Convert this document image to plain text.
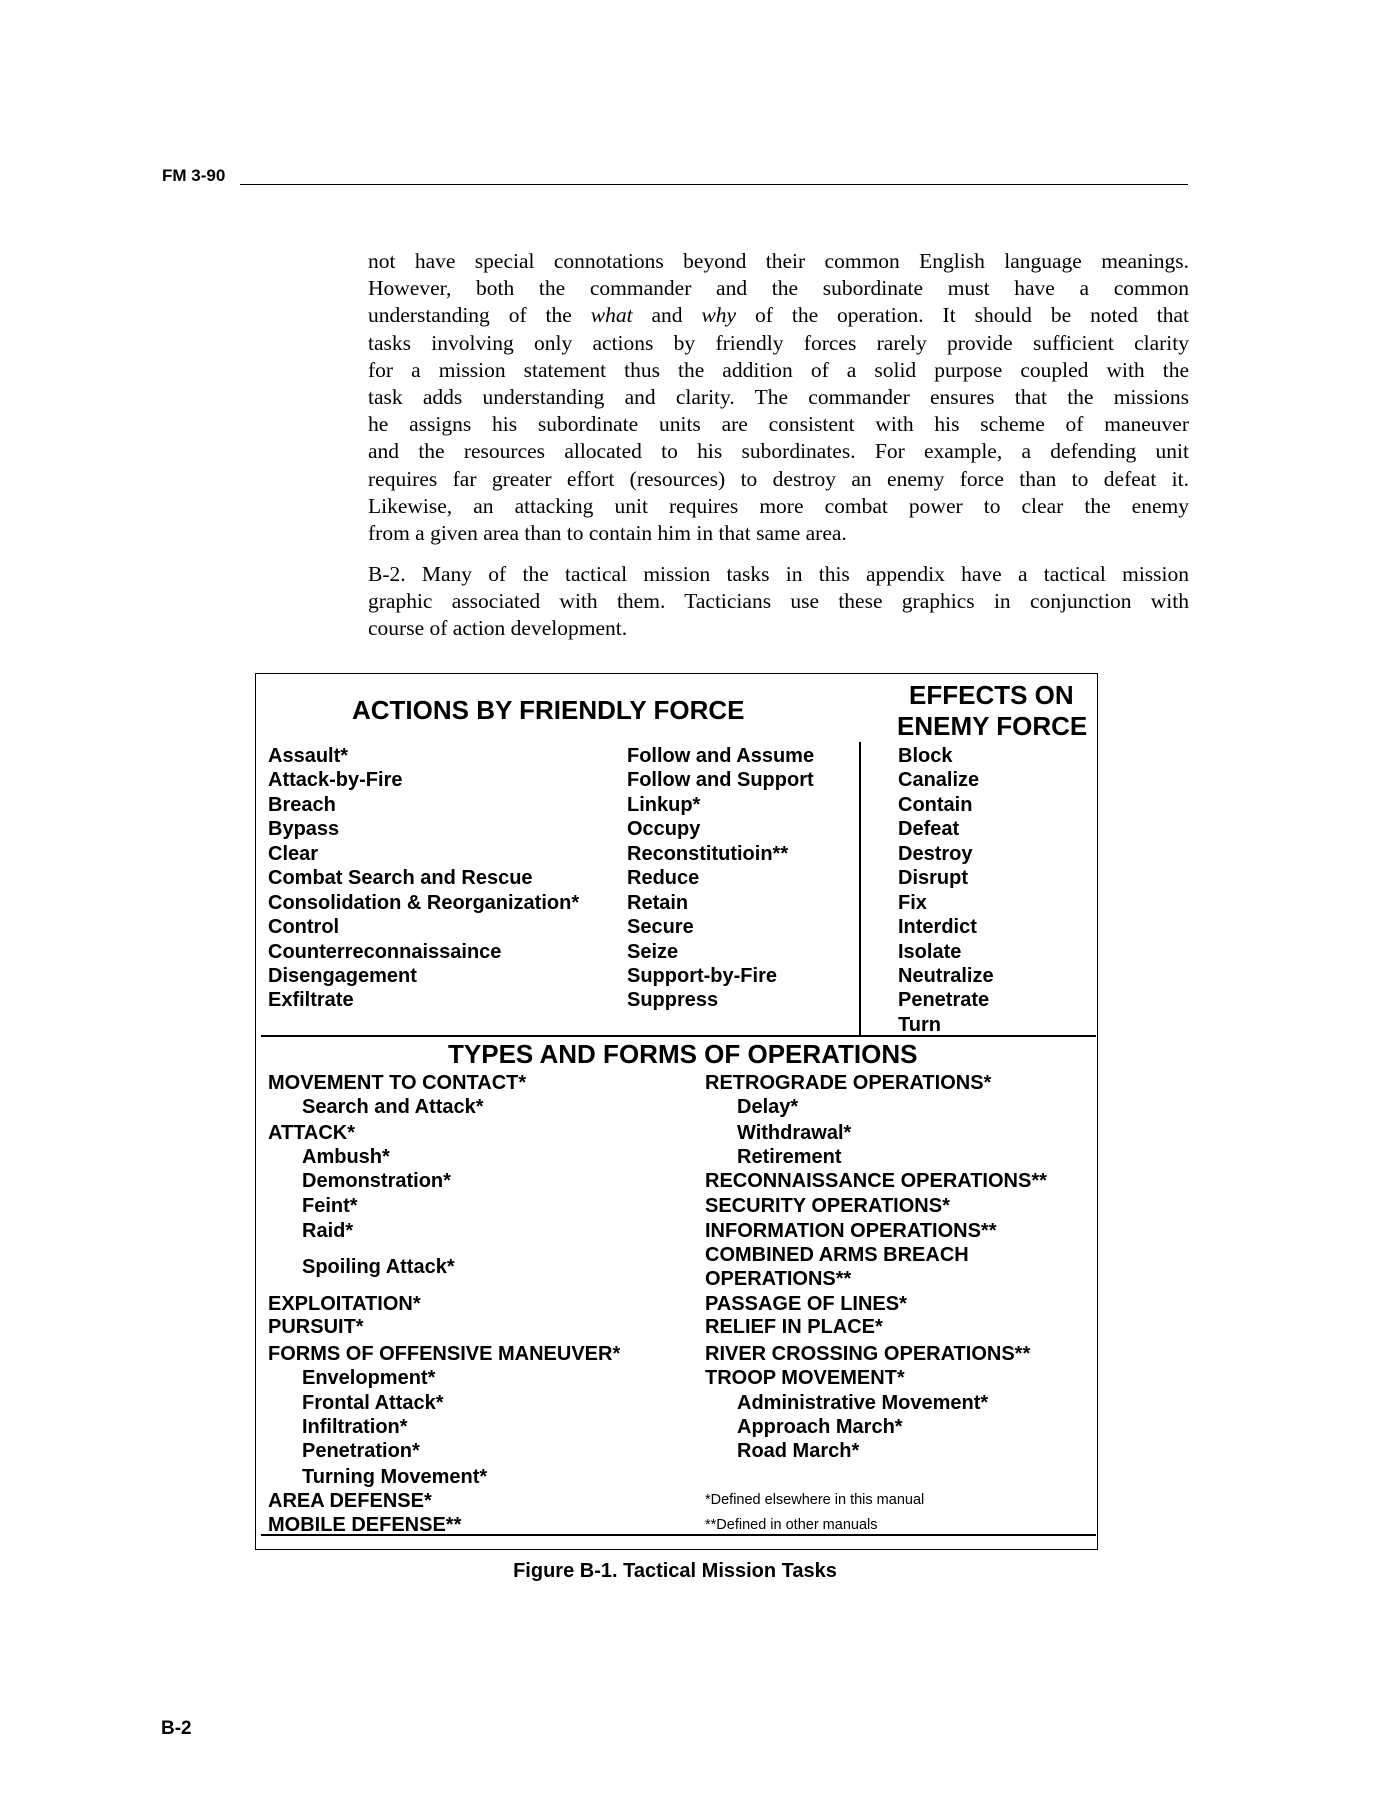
FM 3-90
not have special connotations beyond their common English language meanings.
However, both the commander and the subordinate must have a common
understanding of the what and why of the operation. It should be noted that
tasks involving only actions by friendly forces rarely provide sufficient clarity
for a mission statement thus the addition of a solid purpose coupled with the
task adds understanding and clarity. The commander ensures that the missions
he assigns his subordinate units are consistent with his scheme of maneuver
and the resources allocated to his subordinates. For example, a defending unit
requires far greater effort (resources) to destroy an enemy force than to defeat it.
Likewise, an attacking unit requires more combat power to clear the enemy
from a given area than to contain him in that same area.
B-2. Many of the tactical mission tasks in this appendix have a tactical mission
graphic associated with them. Tacticians use these graphics in conjunction with
course of action development.
ACTIONS BY FRIENDLY FORCE	EFFECTS ON
ENEMY FORCE
TYPES AND FORMS OF OPERATIONS
Assault*
Attack-by-Fire
Breach
Bypass
Clear
Combat Search and Rescue
Consolidation & Reorganization*
Control
Counterreconnaissaince
Disengagement
Exfiltrate
Follow and Assume
Follow and Support
Linkup*
Occupy
Reconstitutioin**
Reduce
Retain
Secure
Seize
Support-by-Fire
Suppress
Block
Canalize
Contain
Defeat
Destroy
Disrupt
Fix
Interdict
Isolate
Neutralize
Penetrate
Turn
MOVEMENT TO CONTACT*
Search and Attack*
ATTACK*
Ambush*
Demonstration*
Feint*
Raid*
Spoiling Attack*
EXPLOITATION*
PURSUIT*
FORMS OF OFFENSIVE MANEUVER*
Envelopment*
Frontal Attack*
Infiltration*
Penetration*
Turning Movement*
AREA DEFENSE*
MOBILE DEFENSE**
RETROGRADE OPERATIONS*
Delay*
Withdrawal*
Retirement
RECONNAISSANCE OPERATIONS**
SECURITY OPERATIONS*
INFORMATION OPERATIONS**
COMBINED ARMS BREACH
OPERATIONS**
PASSAGE OF LINES*
RELIEF IN PLACE*
RIVER CROSSING OPERATIONS**
TROOP MOVEMENT*
Administrative Movement*
Approach March*
Road March*
*Defined elsewhere in this manual
**Defined in other manuals
Figure B-1. Tactical Mission Tasks
B-2
